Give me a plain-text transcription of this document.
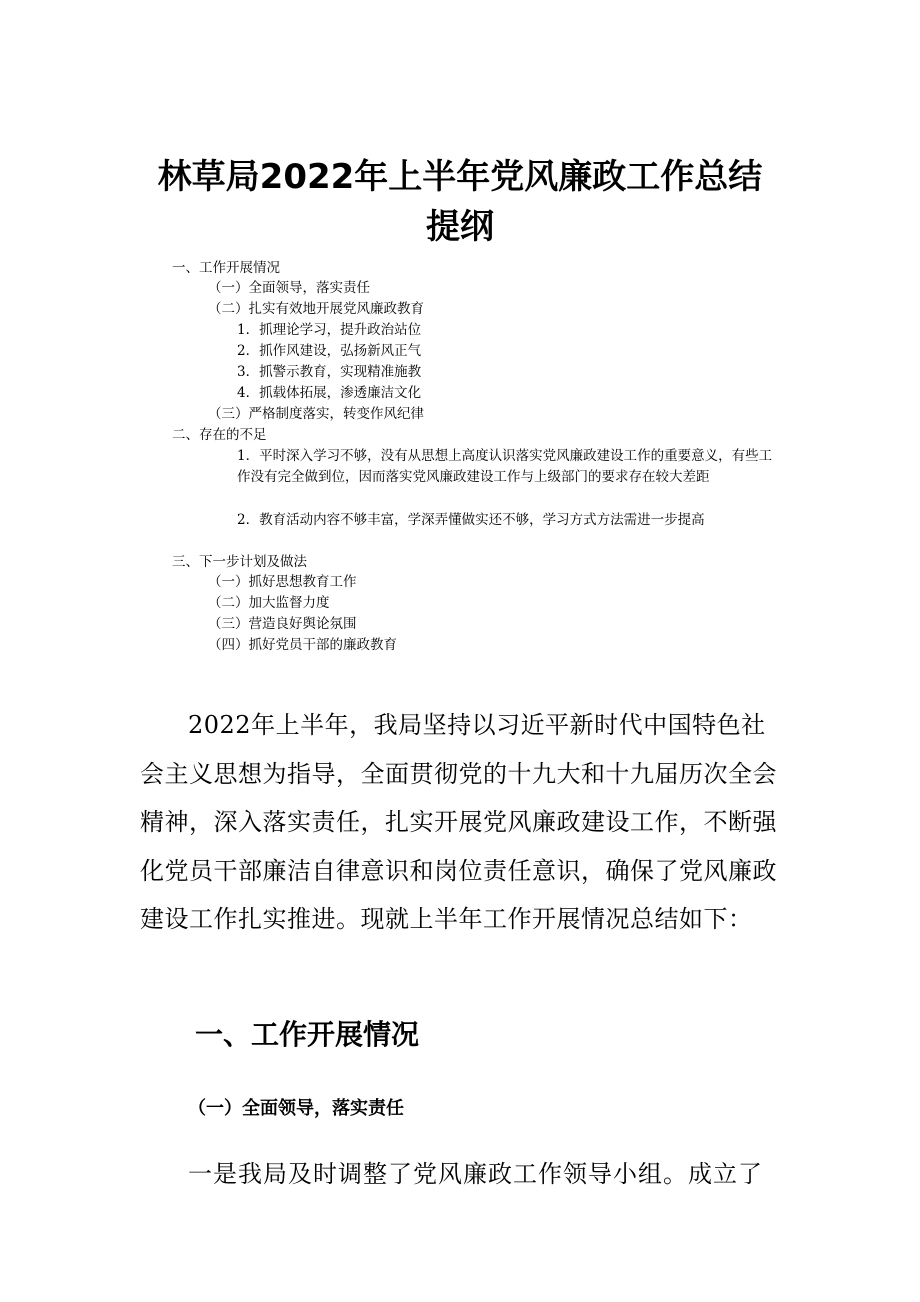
林草局2022年上半年党风廉政工作总结
提纲
一、工作开展情况
（一）全面领导，落实责任
（二）扎实有效地开展党风廉政教育
1．抓理论学习，提升政治站位
2．抓作风建设，弘扬新风正气
3．抓警示教育，实现精准施教
4．抓载体拓展，渗透廉洁文化
（三）严格制度落实，转变作风纪律
二、存在的不足
1．平时深入学习不够，没有从思想上高度认识落实党风廉政建设工作的重要意义，有些工作没有完全做到位，因而落实党风廉政建设工作与上级部门的要求存在较大差距
2．教育活动内容不够丰富，学深弄懂做实还不够，学习方式方法需进一步提高
三、下一步计划及做法
（一）抓好思想教育工作
（二）加大监督力度
（三）营造良好舆论氛围
（四）抓好党员干部的廉政教育

2022年上半年，我局坚持以习近平新时代中国特色社会主义思想为指导，全面贯彻党的十九大和十九届历次全会精神，深入落实责任，扎实开展党风廉政建设工作，不断强化党员干部廉洁自律意识和岗位责任意识，确保了党风廉政建设工作扎实推进。现就上半年工作开展情况总结如下：

一、工作开展情况
（一）全面领导，落实责任

一是我局及时调整了党风廉政工作领导小组。成立了
